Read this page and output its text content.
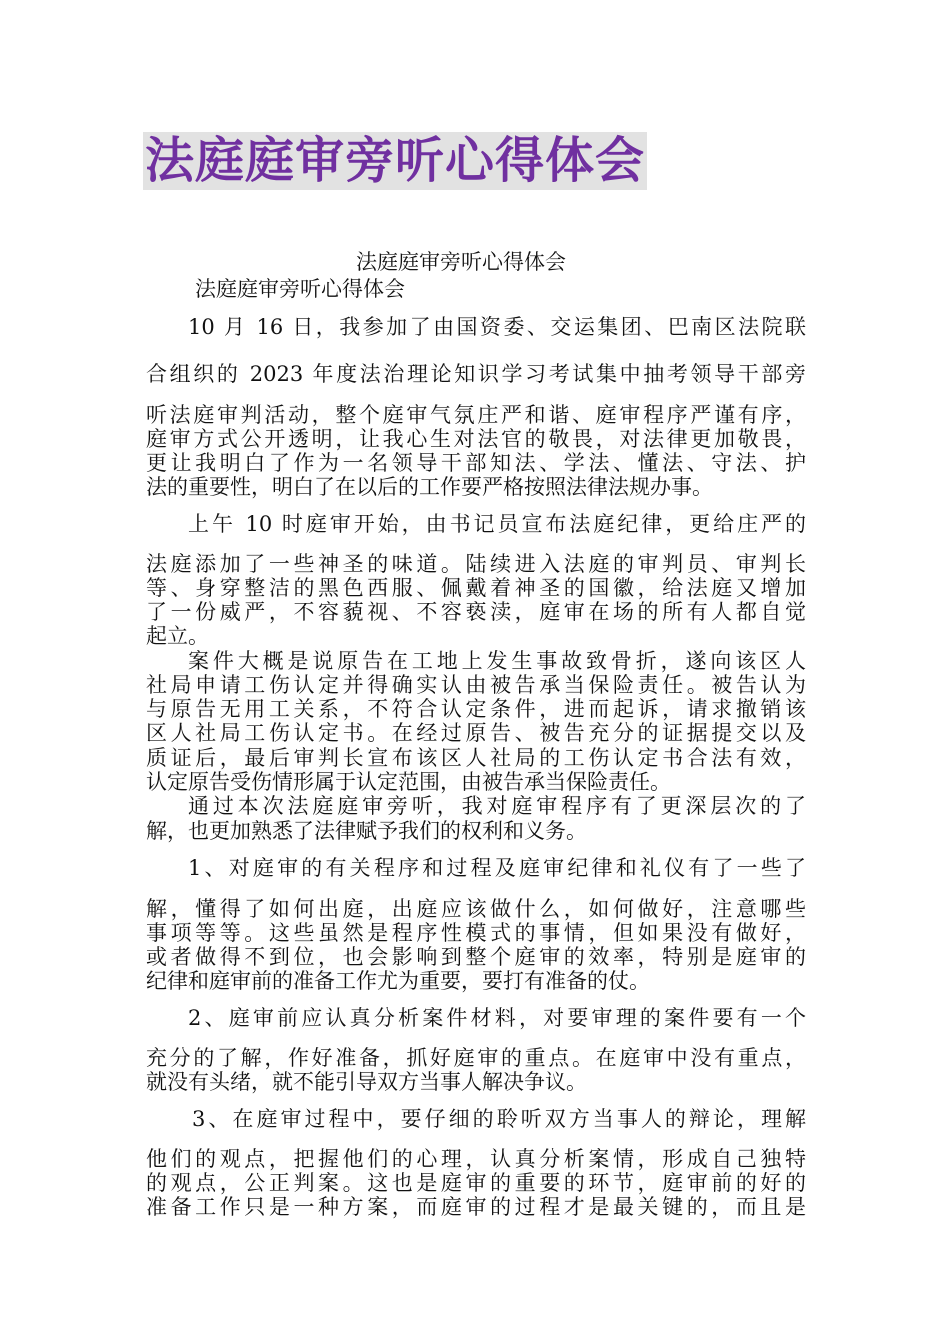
法庭庭审旁听心得体会
法庭庭审旁听心得体会
法庭庭审旁听心得体会
10 月 16 日，我参加了由国资委、交运集团、巴南区法院联
合组织的 2023 年度法治理论知识学习考试集中抽考领导干部旁
听法庭审判活动，整个庭审气氛庄严和谐、庭审程序严谨有序，
庭审方式公开透明，让我心生对法官的敬畏，对法律更加敬畏，
更让我明白了作为一名领导干部知法、学法、懂法、守法、护
法的重要性，明白了在以后的工作要严格按照法律法规办事。
上午 10 时庭审开始，由书记员宣布法庭纪律，更给庄严的
法庭添加了一些神圣的味道。陆续进入法庭的审判员、审判长
等、身穿整洁的黑色西服、佩戴着神圣的国徽，给法庭又增加
了一份威严，不容藐视、不容亵渎，庭审在场的所有人都自觉
起立。
案件大概是说原告在工地上发生事故致骨折，遂向该区人
社局申请工伤认定并得确实认由被告承当保险责任。被告认为
与原告无用工关系，不符合认定条件，进而起诉，请求撤销该
区人社局工伤认定书。在经过原告、被告充分的证据提交以及
质证后，最后审判长宣布该区人社局的工伤认定书合法有效，
认定原告受伤情形属于认定范围，由被告承当保险责任。
通过本次法庭庭审旁听，我对庭审程序有了更深层次的了
解，也更加熟悉了法律赋予我们的权利和义务。
1、对庭审的有关程序和过程及庭审纪律和礼仪有了一些了
解，懂得了如何出庭，出庭应该做什么，如何做好，注意哪些
事项等等。这些虽然是程序性模式的事情，但如果没有做好，
或者做得不到位，也会影响到整个庭审的效率，特别是庭审的
纪律和庭审前的准备工作尤为重要，要打有准备的仗。
2、庭审前应认真分析案件材料，对要审理的案件要有一个
充分的了解，作好准备，抓好庭审的重点。在庭审中没有重点，
就没有头绪，就不能引导双方当事人解决争议。
3、在庭审过程中，要仔细的聆听双方当事人的辩论，理解
他们的观点，把握他们的心理，认真分析案情，形成自己独特
的观点，公正判案。这也是庭审的重要的环节，庭审前的好的
准备工作只是一种方案，而庭审的过程才是最关键的，而且是
